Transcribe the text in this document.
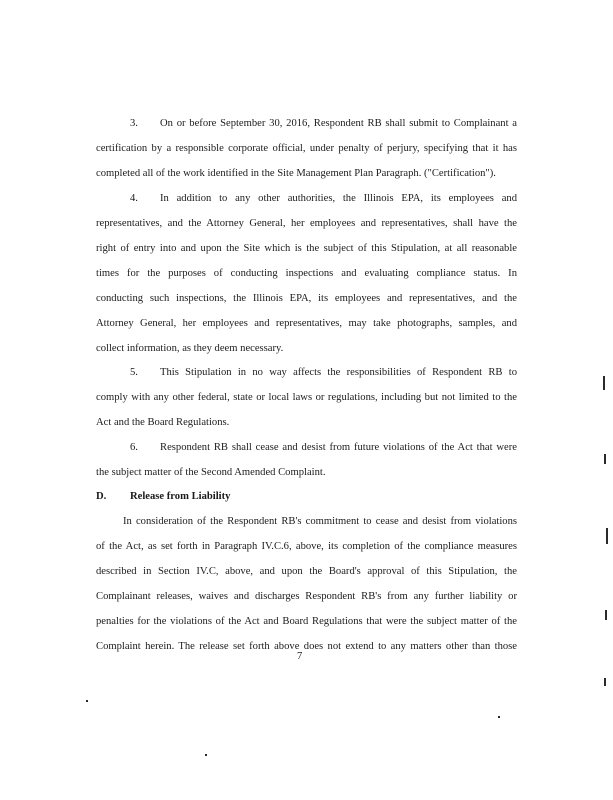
3. On or before September 30, 2016, Respondent RB shall submit to Complainant a
certification by a responsible corporate official, under penalty of perjury, specifying that it has
completed all of the work identified in the Site Management Plan Paragraph. ("Certification").
4. In addition to any other authorities, the Illinois EPA, its employees and
representatives, and the Attorney General, her employees and representatives, shall have the
right of entry into and upon the Site which is the subject of this Stipulation, at all reasonable
times for the purposes of conducting inspections and evaluating compliance status. In
conducting such inspections, the Illinois EPA, its employees and representatives, and the
Attorney General, her employees and representatives, may take photographs, samples, and
collect information, as they deem necessary.
5. This Stipulation in no way affects the responsibilities of Respondent RB to
comply with any other federal, state or local laws or regulations, including but not limited to the
Act and the Board Regulations.
6. Respondent RB shall cease and desist from future violations of the Act that were
the subject matter of the Second Amended Complaint.
D. Release from Liability
In consideration of the Respondent RB's commitment to cease and desist from violations
of the Act, as set forth in Paragraph IV.C.6, above, its completion of the compliance measures
described in Section IV.C, above, and upon the Board's approval of this Stipulation, the
Complainant releases, waives and discharges Respondent RB's from any further liability or
penalties for the violations of the Act and Board Regulations that were the subject matter of the
Complaint herein. The release set forth above does not extend to any matters other than those
7
